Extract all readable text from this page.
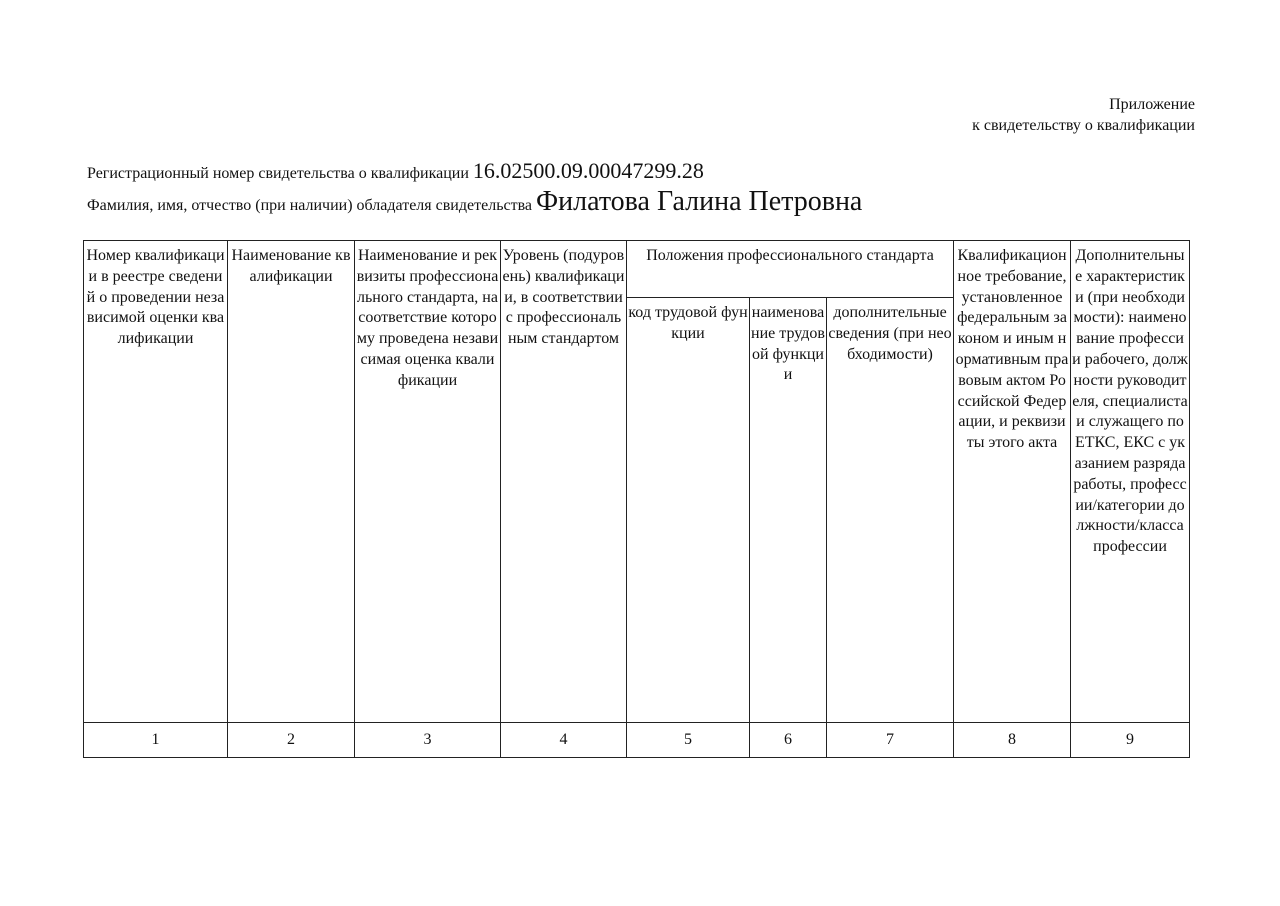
Приложение
к свидетельству о квалификации
Регистрационный номер свидетельства о квалификации 16.02500.09.00047299.28
Фамилия, имя, отчество (при наличии) обладателя свидетельства Филатова Галина Петровна
Номер квалификации в реестре сведений о проведении независимой оценки квалификации	Наименование квалификации	Наименование и реквизиты профессионального стандарта, на соответствие которому проведена независимая оценка квалификации	Уровень (подуровень) квалификации, в соответствии с профессиональным стандартом	Положения профессионального стандарта			Квалификационное требование, установленное федеральным законом и иным нормативным правовым актом Российской Федерации, и реквизиты этого акта	Дополнительные характеристики (при необходимости): наименование профессии рабочего, должности руководителя, специалиста и служащего по ЕТКС, ЕКС с указанием разряда работы, профессии/категории должности/класса профессии
				код трудовой функции	наименование трудовой функции	дополнительные сведения (при необходимости)		
1	2	3	4	5	6	7	8	9
